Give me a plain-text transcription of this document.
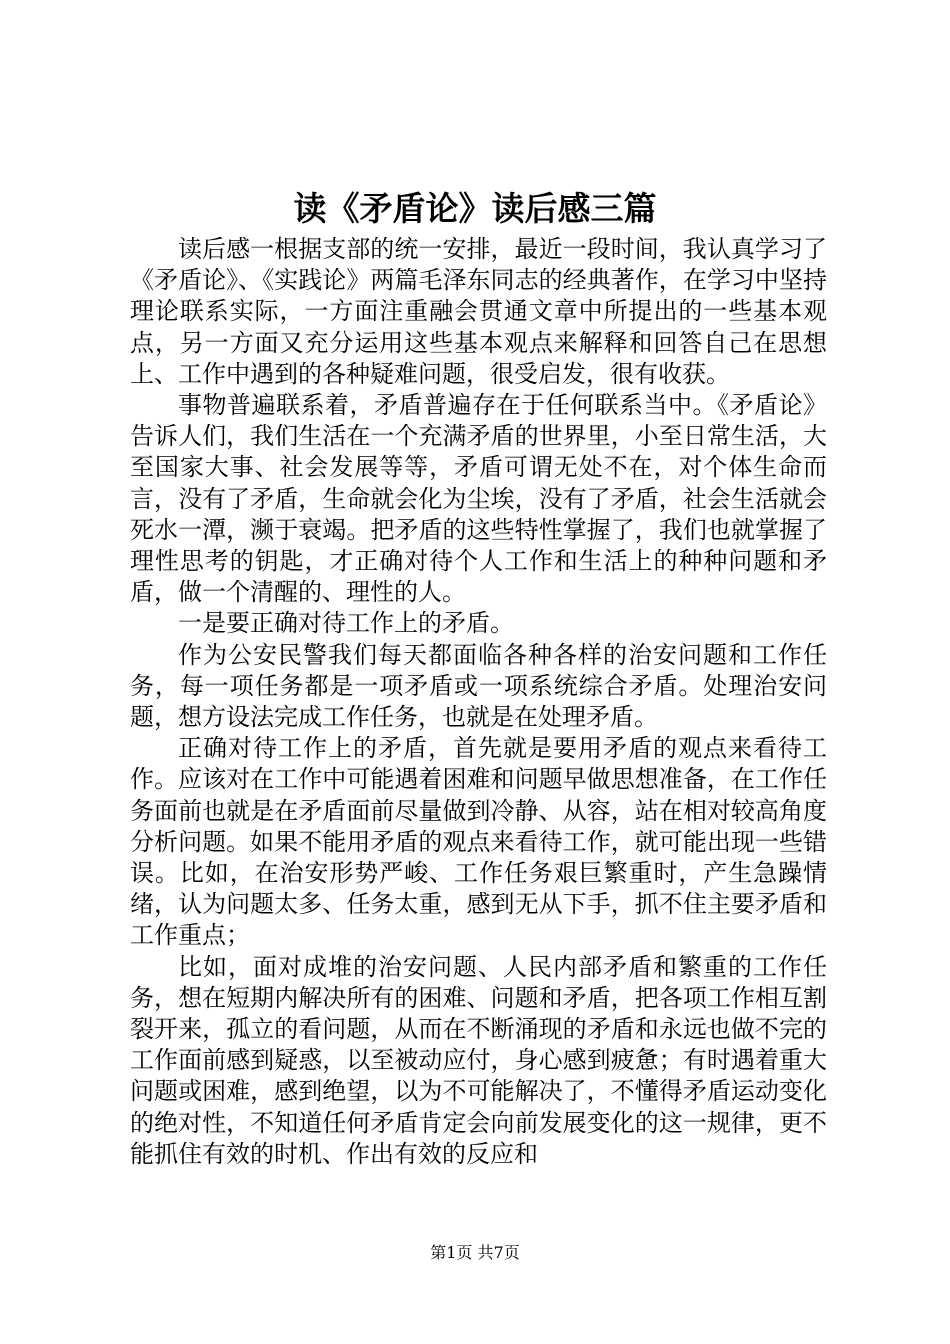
读《矛盾论》读后感三篇

读后感一根据支部的统一安排，最近一段时间，我认真学习了《矛盾论》、《实践论》两篇毛泽东同志的经典著作，在学习中坚持理论联系实际，一方面注重融会贯通文章中所提出的一些基本观点，另一方面又充分运用这些基本观点来解释和回答自己在思想上、工作中遇到的各种疑难问题，很受启发，很有收获。

事物普遍联系着，矛盾普遍存在于任何联系当中。《矛盾论》告诉人们，我们生活在一个充满矛盾的世界里，小至日常生活，大至国家大事、社会发展等等，矛盾可谓无处不在，对个体生命而言，没有了矛盾，生命就会化为尘埃，没有了矛盾，社会生活就会死水一潭，濒于衰竭。把矛盾的这些特性掌握了，我们也就掌握了理性思考的钥匙，才正确对待个人工作和生活上的种种问题和矛盾，做一个清醒的、理性的人。

一是要正确对待工作上的矛盾。

作为公安民警我们每天都面临各种各样的治安问题和工作任务，每一项任务都是一项矛盾或一项系统综合矛盾。处理治安问题，想方设法完成工作任务，也就是在处理矛盾。

正确对待工作上的矛盾，首先就是要用矛盾的观点来看待工作。应该对在工作中可能遇着困难和问题早做思想准备，在工作任务面前也就是在矛盾面前尽量做到冷静、从容，站在相对较高角度分析问题。如果不能用矛盾的观点来看待工作，就可能出现一些错误。比如，在治安形势严峻、工作任务艰巨繁重时，产生急躁情绪，认为问题太多、任务太重，感到无从下手，抓不住主要矛盾和工作重点；

比如，面对成堆的治安问题、人民内部矛盾和繁重的工作任务，想在短期内解决所有的困难、问题和矛盾，把各项工作相互割裂开来，孤立的看问题，从而在不断涌现的矛盾和永远也做不完的工作面前感到疑惑，以至被动应付，身心感到疲惫；有时遇着重大问题或困难，感到绝望，以为不可能解决了，不懂得矛盾运动变化的绝对性，不知道任何矛盾肯定会向前发展变化的这一规律，更不能抓住有效的时机、作出有效的反应和

第1页 共7页
